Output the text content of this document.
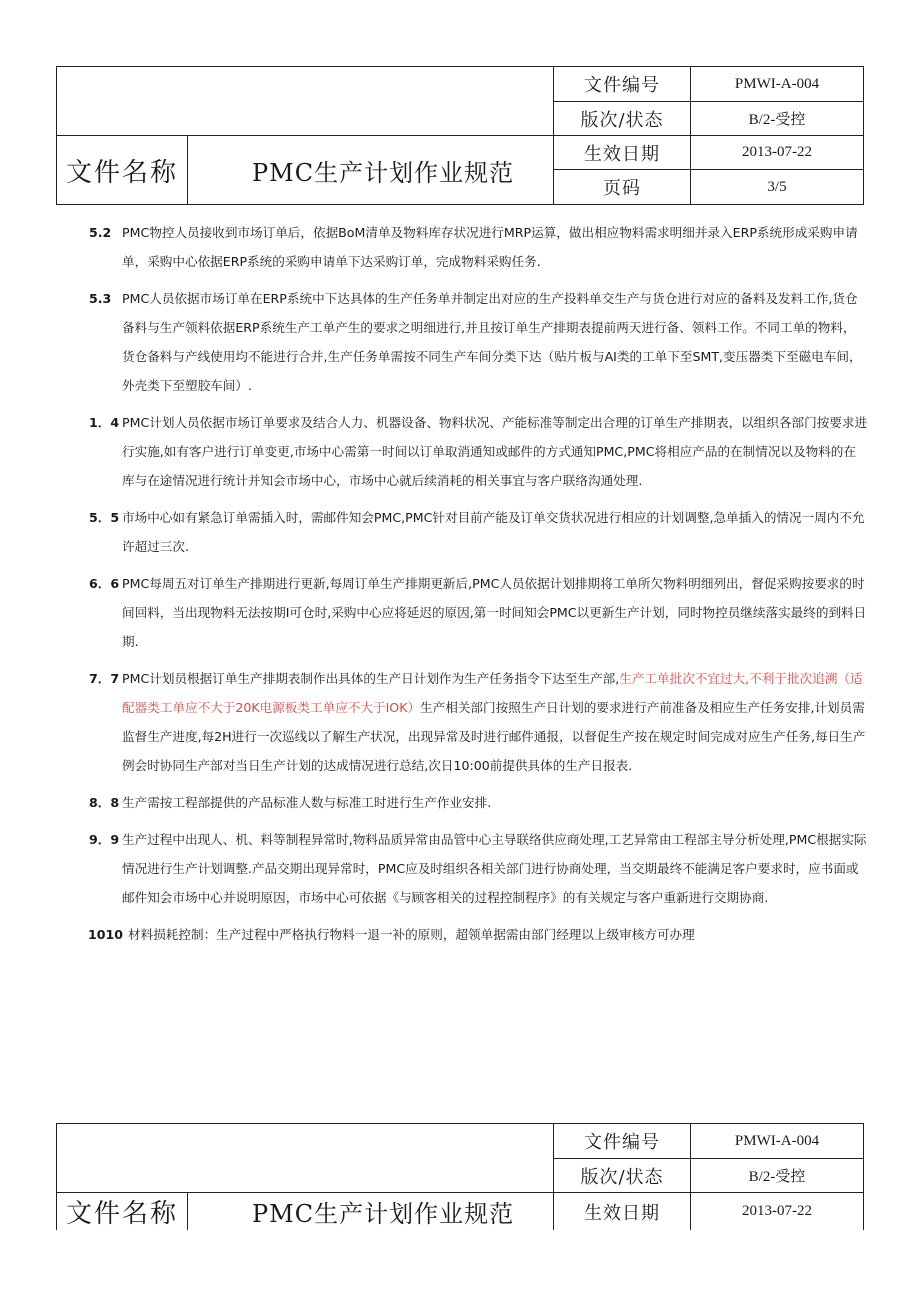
		文件编号	PMWI-A-004
		版次/状态	B/2-受控
文件名称	PMC生产计划作业规范	生效日期	2013-07-22
		页码	3/5

5.2 PMC物控人员接收到市场订单后，依据BoM清单及物料库存状况进行MRP运算，做出相应物料需求明细并录入ERP系统形成采购申请单，采购中心依据ERP系统的采购申请单下达采购订单，完成物料采购任务.

5.3 PMC人员依据市场订单在ERP系统中下达具体的生产任务单并制定出对应的生产投料单交生产与货仓进行对应的备料及发料工作,货仓备料与生产领料依据ERP系统生产工单产生的要求之明细进行,并且按订单生产排期表提前两天进行备、领料工作。不同工单的物料，货仓备料与产线使用均不能进行合并,生产任务单需按不同生产车间分类下达（贴片板与AI类的工单下至SMT,变压器类下至磁电车间，外壳类下至塑胶车间）.

1．4 PMC计划人员依据市场订单要求及结合人力、机器设备、物料状况、产能标准等制定出合理的订单生产排期表，以组织各部门按要求进行实施,如有客户进行订单变更,市场中心需第一时间以订单取消通知或邮件的方式通知PMC,PMC将相应产品的在制情况以及物料的在库与在途情况进行统计并知会市场中心，市场中心就后续消耗的相关事宜与客户联络沟通处理.

5．5 市场中心如有紧急订单需插入时，需邮件知会PMC,PMC针对目前产能及订单交货状况进行相应的计划调整,急单插入的情况一周内不允许超过三次.

6．6 PMC每周五对订单生产排期进行更新,每周订单生产排期更新后,PMC人员依据计划排期将工单所欠物料明细列出，督促采购按要求的时间回料，当出现物料无法按期I可仓时,采购中心应将延迟的原因,第一时间知会PMC以更新生产计划，同时物控员继续落实最终的到料日期.

7．7 PMC计划员根据订单生产排期表制作出具体的生产日计划作为生产任务指令下达至生产部,生产工单批次不宜过大,不利于批次追溯（适配器类工单应不大于20K电源板类工单应不大于IOK）生产相关部门按照生产日计划的要求进行产前准备及相应生产任务安排,计划员需监督生产进度,每2H进行一次巡线以了解生产状况，出现异常及时进行邮件通报，以督促生产按在规定时间完成对应生产任务,每日生产例会时协同生产部对当日生产计划的达成情况进行总结,次日10:00前提供具体的生产日报表.

8．8 生产需按工程部提供的产品标准人数与标准工时进行生产作业安排.

9．9 生产过程中出现人、机、料等制程异常时,物料品质异常由品管中心主导联络供应商处理,工艺异常由工程部主导分析处理,PMC根据实际情况进行生产计划调整.产品交期出现异常时，PMC应及时组织各相关部门进行协商处理，当交期最终不能满足客户要求时，应书面或邮件知会市场中心并说明原因，市场中心可依据《与顾客相关的过程控制程序》的有关规定与客户重新进行交期协商.

1010 材料损耗控制：生产过程中严格执行物料一退一补的原则，超领单据需由部门经理以上级审核方可办理

		文件编号	PMWI-A-004
		版次/状态	B/2-受控
文件名称	PMC生产计划作业规范	生效日期	2013-07-22
